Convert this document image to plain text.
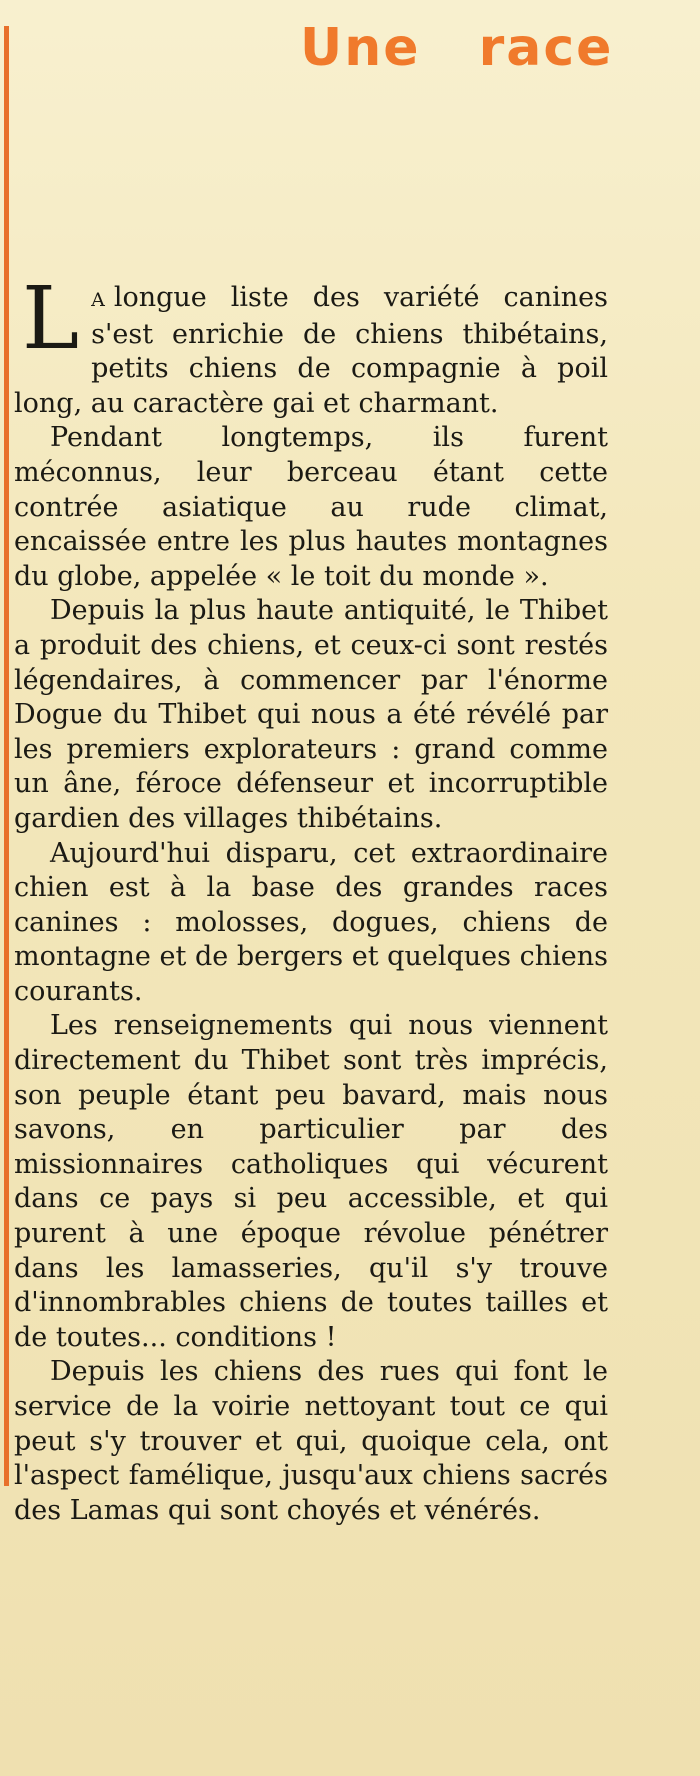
Une race

L A longue liste des variété canines s'est enrichie de chiens thibétains, petits chiens de compagnie à poil long, au caractère gai et charmant.

Pendant longtemps, ils furent méconnus, leur berceau étant cette contrée asiatique au rude climat, encaissée entre les plus hautes montagnes du globe, appelée « le toit du monde ».

Depuis la plus haute antiquité, le Thibet a produit des chiens, et ceux-ci sont restés légendaires, à commencer par l'énorme Dogue du Thibet qui nous a été révélé par les premiers explorateurs : grand comme un âne, féroce défenseur et incorruptible gardien des villages thibétains.

Aujourd'hui disparu, cet extraordinaire chien est à la base des grandes races canines : molosses, dogues, chiens de montagne et de bergers et quelques chiens courants.

Les renseignements qui nous viennent directement du Thibet sont très imprécis, son peuple étant peu bavard, mais nous savons, en particulier par des missionnaires catholiques qui vécurent dans ce pays si peu accessible, et qui purent à une époque révolue pénétrer dans les lamasseries, qu'il s'y trouve d'innombrables chiens de toutes tailles et de toutes... conditions !

Depuis les chiens des rues qui font le service de la voirie nettoyant tout ce qui peut s'y trouver et qui, quoique cela, ont l'aspect famélique, jusqu'aux chiens sacrés des Lamas qui sont choyés et vénérés.
